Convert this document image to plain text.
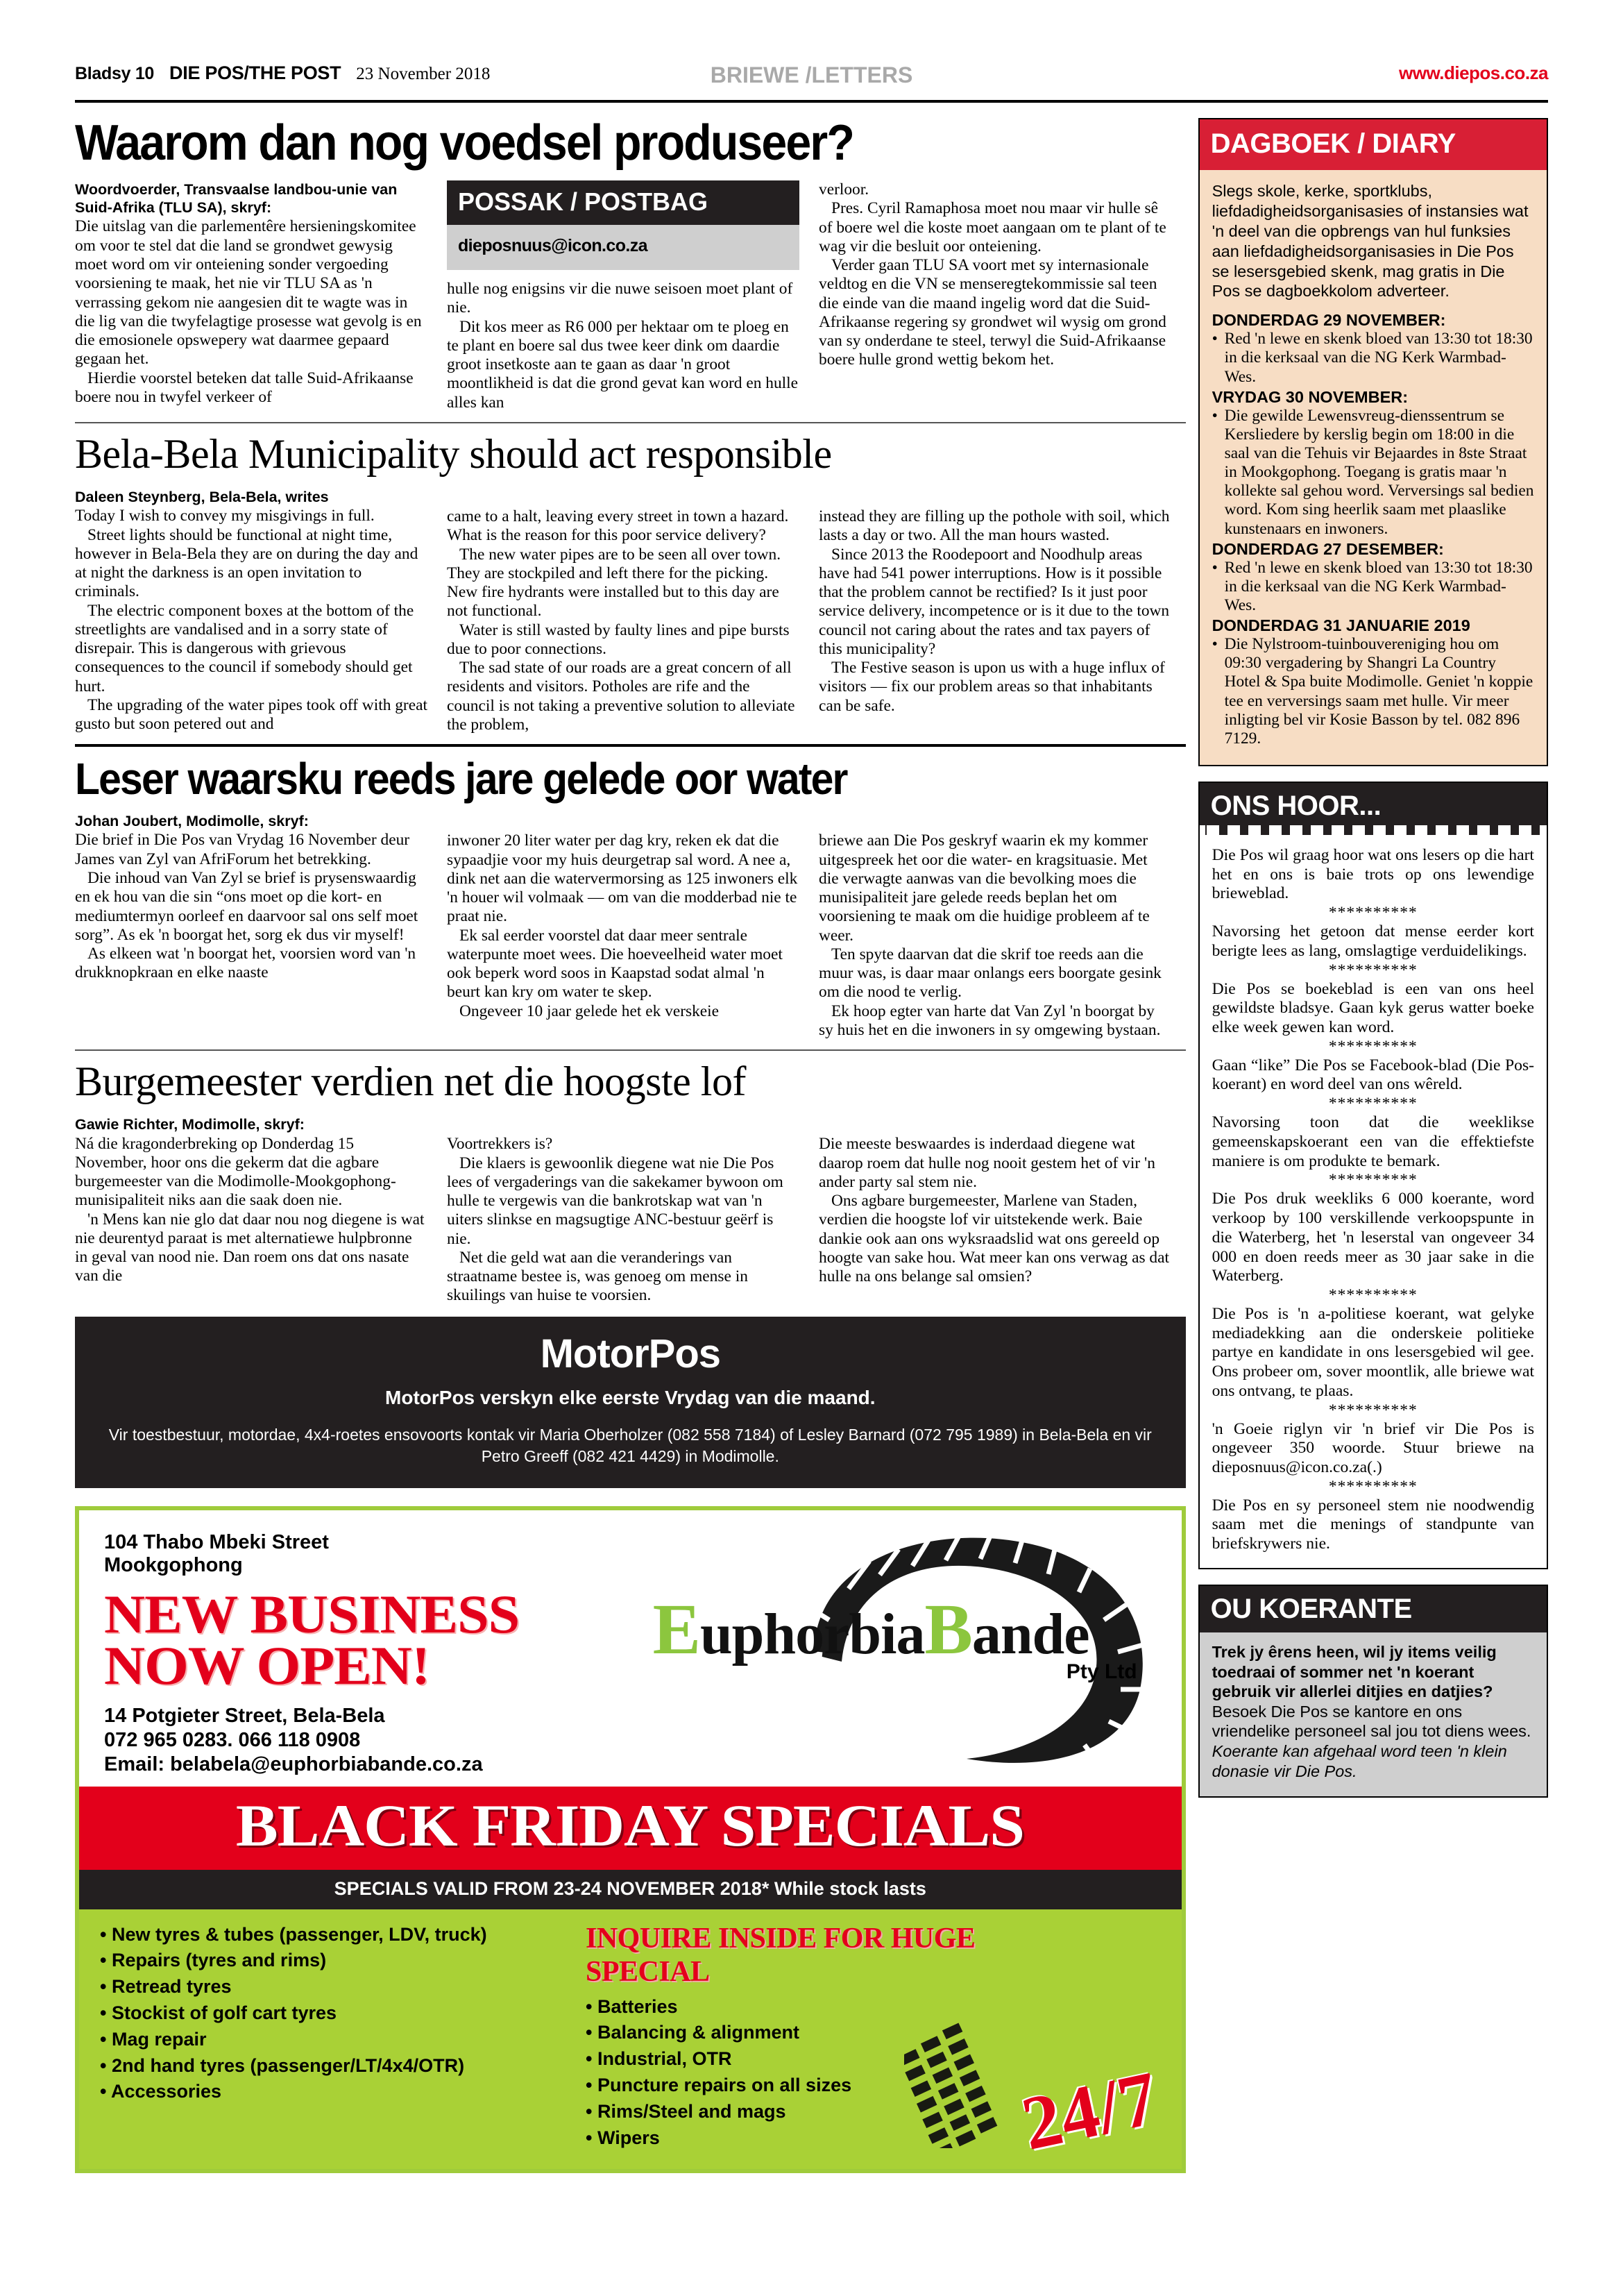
Bladsy 10 DIE POS/THE POST 23 November 2018	BRIEWE /LETTERS	www.diepos.co.za
Waarom dan nog voedsel produseer?
Woordvoerder, Transvaalse landbou-unie van Suid-Afrika (TLU SA), skryf:

Die uitslag van die parlementêre hersieningskomitee om voor te stel dat die land se grondwet gewysig moet word om vir onteiening sonder vergoeding voorsiening te maak, het nie vir TLU SA as 'n verrassing gekom nie aangesien dit te wagte was in die lig van die twyfelagtige prosesse wat gevolg is en die emosionele opswepery wat daarmee gepaard gegaan het.

Hierdie voorstel beteken dat talle Suid-Afrikaanse boere nou in twyfel verkeer of

POSSAK / POSTBAG
dieposnuus@icon.co.za

hulle nog enigsins vir die nuwe seisoen moet plant of nie.

Dit kos meer as R6 000 per hektaar om te ploeg en te plant en boere sal dus twee keer dink om daardie groot insetkoste aan te gaan as daar 'n groot moontlikheid is dat die grond gevat kan word en hulle alles kan

verloor.

Pres. Cyril Ramaphosa moet nou maar vir hulle sê of boere wel die koste moet aangaan om te plant of te wag vir die besluit oor onteiening.

Verder gaan TLU SA voort met sy internasionale veldtog en die VN se menseregtekommissie sal teen die einde van die maand ingelig word dat die Suid-Afrikaanse regering sy grondwet wil wysig om grond van sy onderdane te steel, terwyl die Suid-Afrikaanse boere hulle grond wettig bekom het.

Bela-Bela Municipality should act responsible
Daleen Steynberg, Bela-Bela, writes

Today I wish to convey my misgivings in full.

Street lights should be functional at night time, however in Bela-Bela they are on during the day and at night the darkness is an open invitation to criminals.

The electric component boxes at the bottom of the streetlights are vandalised and in a sorry state of disrepair. This is dangerous with grievous consequences to the council if somebody should get hurt.

The upgrading of the water pipes took off with great gusto but soon petered out and

came to a halt, leaving every street in town a hazard. What is the reason for this poor service delivery?

The new water pipes are to be seen all over town. They are stockpiled and left there for the picking. New fire hydrants were installed but to this day are not functional.

Water is still wasted by faulty lines and pipe bursts due to poor connections.

The sad state of our roads are a great concern of all residents and visitors. Potholes are rife and the council is not taking a preventive solution to alleviate the problem,

instead they are filling up the pothole with soil, which lasts a day or two. All the man hours wasted.

Since 2013 the Roodepoort and Noodhulp areas have had 541 power interruptions. How is it possible that the problem cannot be rectified? Is it just poor service delivery, incompetence or is it due to the town council not caring about the rates and tax payers of this municipality?

The Festive season is upon us with a huge influx of visitors — fix our problem areas so that inhabitants can be safe.

Leser waarsku reeds jare gelede oor water
Johan Joubert, Modimolle, skryf:

Die brief in Die Pos van Vrydag 16 November deur James van Zyl van AfriForum het betrekking.

Die inhoud van Van Zyl se brief is prysenswaardig en ek hou van die sin “ons moet op die kort- en mediumtermyn oorleef en daarvoor sal ons self moet sorg”. As ek 'n boorgat het, sorg ek dus vir myself!

As elkeen wat 'n boorgat het, voorsien word van 'n drukknopkraan en elke naaste

inwoner 20 liter water per dag kry, reken ek dat die sypaadjie voor my huis deurgetrap sal word. A nee a, dink net aan die watervermorsing as 125 inwoners elk 'n houer wil volmaak — om van die modderbad nie te praat nie.

Ek sal eerder voorstel dat daar meer sentrale waterpunte moet wees. Die hoeveelheid water moet ook beperk word soos in Kaapstad sodat almal 'n beurt kan kry om water te skep.

Ongeveer 10 jaar gelede het ek verskeie

briewe aan Die Pos geskryf waarin ek my kommer uitgespreek het oor die water- en kragsituasie. Met die verwagte aanwas van die bevolking moes die munisipaliteit jare gelede reeds beplan het om voorsiening te maak om die huidige probleem af te weer.

Ten spyte daarvan dat die skrif toe reeds aan die muur was, is daar maar onlangs eers boorgate gesink om die nood te verlig.

Ek hoop egter van harte dat Van Zyl 'n boorgat by sy huis het en die inwoners in sy omgewing bystaan.

Burgemeester verdien net die hoogste lof
Gawie Richter, Modimolle, skryf:

Ná die kragonderbreking op Donderdag 15 November, hoor ons die gekerm dat die agbare burgemeester van die Modimolle-Mookgophong-munisipaliteit niks aan die saak doen nie.

'n Mens kan nie glo dat daar nou nog diegene is wat nie deurentyd paraat is met alternatiewe hulpbronne in geval van nood nie. Dan roem ons dat ons nasate van die

Voortrekkers is?

Die klaers is gewoonlik diegene wat nie Die Pos lees of vergaderings van die sakekamer bywoon om hulle te vergewis van die bankrotskap wat van 'n uiters slinkse en magsugtige ANC-bestuur geërf is nie.

Net die geld wat aan die veranderings van straatname bestee is, was genoeg om mense in skuilings van huise te voorsien.

Die meeste beswaardes is inderdaad diegene wat daarop roem dat hulle nog nooit gestem het of vir 'n ander party sal stem nie.

Ons agbare burgemeester, Marlene van Staden, verdien die hoogste lof vir uitstekende werk. Baie dankie ook aan ons wyksraadslid wat ons gereeld op hoogte van sake hou. Wat meer kan ons verwag as dat hulle na ons belange sal omsien?

MotorPos
MotorPos verskyn elke eerste Vrydag van die maand.
Vir toestbestuur, motordae, 4x4-roetes ensovoorts kontak vir Maria Oberholzer (082 558 7184) of Lesley Barnard (072 795 1989) in Bela-Bela en vir Petro Greeff (082 421 4429) in Modimolle.
104 Thabo Mbeki Street
Mookgophong
NEW BUSINESS
NOW OPEN!
14 Potgieter Street, Bela-Bela
072 965 0283. 066 118 0908
Email: belabela@euphorbiabande.co.za
EuphorbiaBande
Pty Ltd
BLACK FRIDAY SPECIALS
SPECIALS VALID FROM 23-24 NOVEMBER 2018* While stock lasts
• New tyres & tubes (passenger, LDV, truck)
• Repairs (tyres and rims)
• Retread tyres
• Stockist of golf cart tyres
• Mag repair
• 2nd hand tyres (passenger/LT/4x4/OTR)
• Accessories
INQUIRE INSIDE FOR HUGE SPECIAL
• Batteries
• Balancing & alignment
• Industrial, OTR
• Puncture repairs on all sizes
• Rims/Steel and mags
• Wipers	24/7
DAGBOEK / DIARY
Slegs skole, kerke, sportklubs, liefdadigheidsorganisasies of instansies wat 'n deel van die opbrengs van hul funksies aan liefdadigheidsorganisasies in Die Pos se lesersgebied skenk, mag gratis in Die Pos se dagboekkolom adverteer.
DONDERDAG 29 NOVEMBER:
• Red 'n lewe en skenk bloed van 13:30 tot 18:30 in die kerksaal van die NG Kerk Warmbad-Wes.
VRYDAG 30 NOVEMBER:
• Die gewilde Lewensvreug-dienssentrum se Kersliedere by kerslig begin om 18:00 in die saal van die Tehuis vir Bejaardes in 8ste Straat in Mookgophong. Toegang is gratis maar 'n kollekte sal gehou word. Verversings sal bedien word. Kom sing heerlik saam met plaaslike kunstenaars en inwoners.
DONDERDAG 27 DESEMBER:
• Red 'n lewe en skenk bloed van 13:30 tot 18:30 in die kerksaal van die NG Kerk Warmbad-Wes.
DONDERDAG 31 JANUARIE 2019
• Die Nylstroom-tuinbouvereniging hou om 09:30 vergadering by Shangri La Country Hotel & Spa buite Modimolle. Geniet 'n koppie tee en verversings saam met hulle. Vir meer inligting bel vir Kosie Basson by tel. 082 896 7129.
ONS HOOR...

Die Pos wil graag hoor wat ons lesers op die hart het en ons is baie trots op ons lewendige brieweblad.

**********

Navorsing het getoon dat mense eerder kort berigte lees as lang, omslagtige verduidelikings.

**********

Die Pos se boekeblad is een van ons heel gewildste bladsye. Gaan kyk gerus watter boeke elke week gewen kan word.

**********

Gaan “like” Die Pos se Facebook-blad (Die Pos-koerant) en word deel van ons wêreld.

**********

Navorsing toon dat die weeklikse gemeenskapskoerant een van die effektiefste maniere is om produkte te bemark.

**********

Die Pos druk weekliks 6 000 koerante, word verkoop by 100 verskillende verkoopspunte in die Waterberg, het 'n leserstal van ongeveer 34 000 en doen reeds meer as 30 jaar sake in die Waterberg.

**********

Die Pos is 'n a-politiese koerant, wat gelyke mediadekking aan die onderskeie politieke partye en kandidate in ons lesersgebied wil gee. Ons probeer om, sover moontlik, alle briewe wat ons ontvang, te plaas.

**********

'n Goeie riglyn vir 'n brief vir Die Pos is ongeveer 350 woorde. Stuur briewe na dieposnuus@icon.co.za(.)

**********

Die Pos en sy personeel stem nie noodwendig saam met die menings of standpunte van briefskrywers nie.

OU KOERANTE
Trek jy êrens heen, wil jy items veilig toedraai of sommer net 'n koerant gebruik vir allerlei ditjies en datjies?
Besoek Die Pos se kantore en ons vriendelike personeel sal jou tot diens wees.
Koerante kan afgehaal word teen 'n klein donasie vir Die Pos.
